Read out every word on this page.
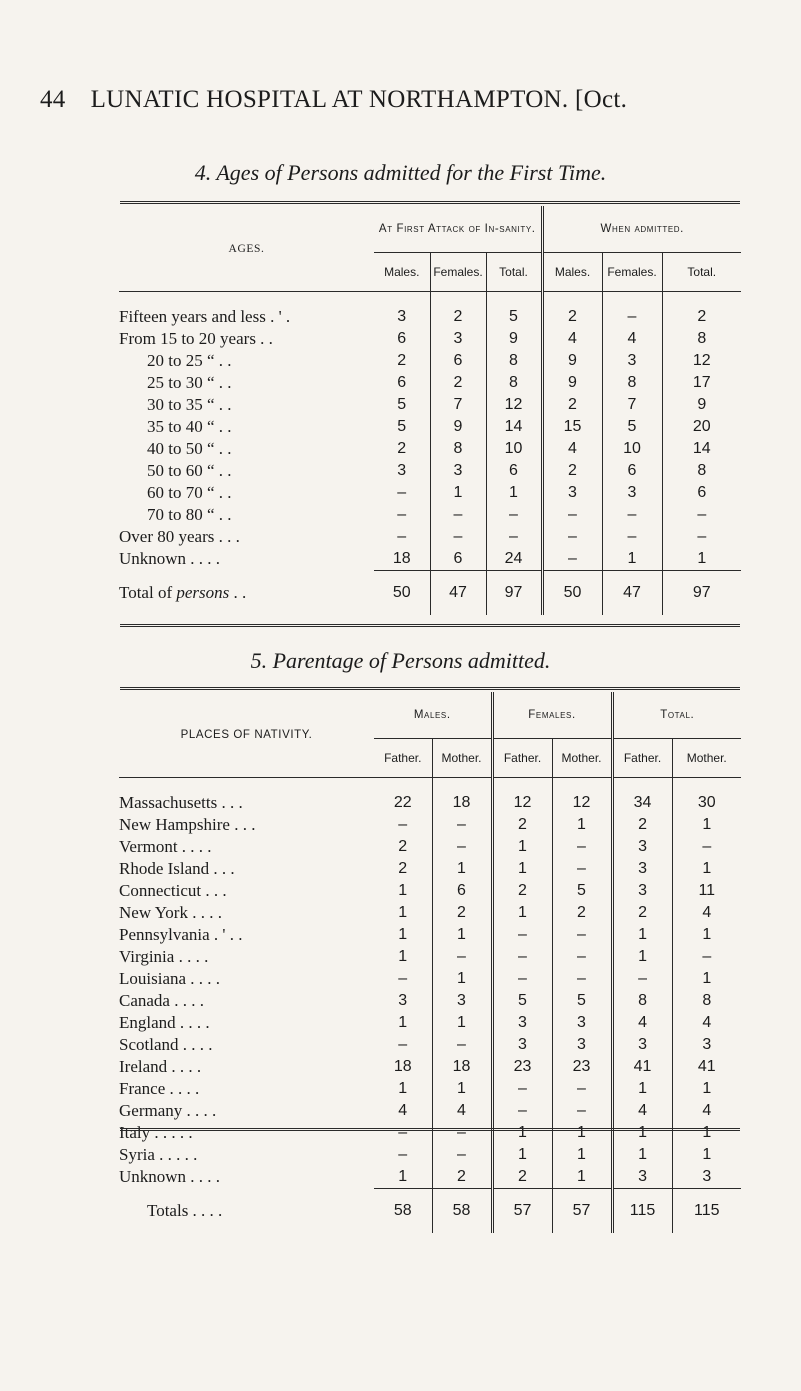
44 LUNATIC HOSPITAL AT NORTHAMPTON. [Oct.
4. Ages of Persons admitted for the First Time.
AGES.	At First Attack of In-sanity.			When admitted.		
	Males.	Females.	Total.	Males.	Females.	Total.

Fifteen years and less . ' .	3	2	5	2	–	2
From 15 to 20 years . .	6	3	9	4	4	8
20 to 25 “ . .	2	6	8	9	3	12
25 to 30 “ . .	6	2	8	9	8	17
30 to 35 “ . .	5	7	12	2	7	9
35 to 40 “ . .	5	9	14	15	5	20
40 to 50 “ . .	2	8	10	4	10	14
50 to 60 “ . .	3	3	6	2	6	8
60 to 70 “ . .	–	1	1	3	3	6
70 to 80 “ . .	–	–	–	–	–	–
Over 80 years . . .	–	–	–	–	–	–
Unknown . . . .	18	6	24	–	1	1
Total of persons . .	50	47	97	50	47	97
5. Parentage of Persons admitted.
PLACES OF NATIVITY.	Males.		Females.		Total.	
	Father.	Mother.	Father.	Mother.	Father.	Mother.

Massachusetts . . .	22	18	12	12	34	30
New Hampshire . . .	–	–	2	1	2	1
Vermont . . . .	2	–	1	–	3	–
Rhode Island . . .	2	1	1	–	3	1
Connecticut . . .	1	6	2	5	3	11
New York . . . .	1	2	1	2	2	4
Pennsylvania . ' . .	1	1	–	–	1	1
Virginia . . . .	1	–	–	–	1	–
Louisiana . . . .	–	1	–	–	–	1
Canada . . . .	3	3	5	5	8	8
England . . . .	1	1	3	3	4	4
Scotland . . . .	–	–	3	3	3	3
Ireland . . . .	18	18	23	23	41	41
France . . . .	1	1	–	–	1	1
Germany . . . .	4	4	–	–	4	4
Italy . . . . .	–	–	1	1	1	1
Syria . . . . .	–	–	1	1	1	1
Unknown . . . .	1	2	2	1	3	3
Totals . . . .	58	58	57	57	115	115
